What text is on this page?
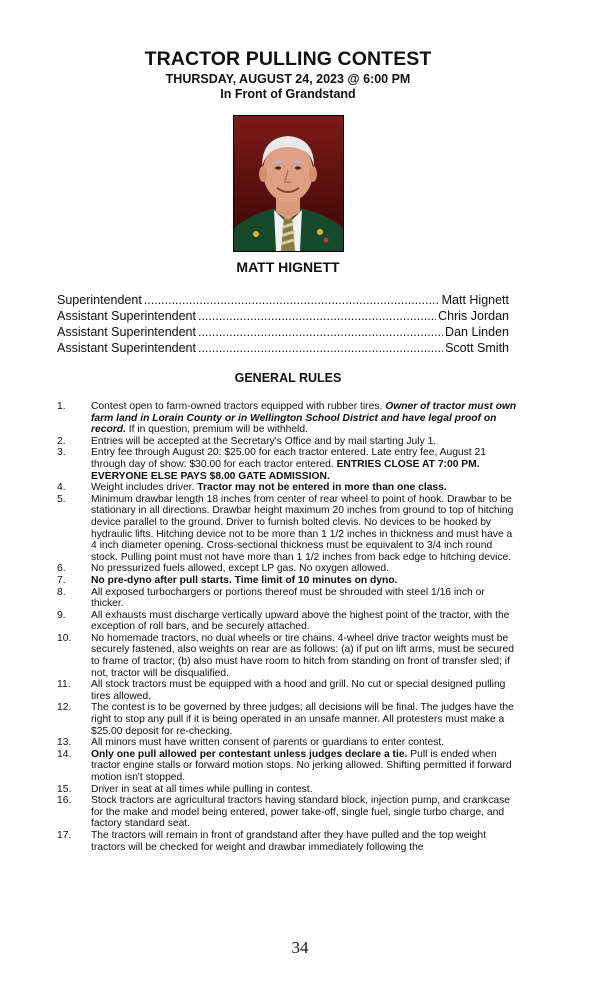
TRACTOR PULLING CONTEST
THURSDAY, AUGUST 24, 2023 @ 6:00 PM
In Front of Grandstand
MATT HIGNETT
Superintendent .....	Matt Hignett
Assistant Superintendent .....	Chris Jordan
Assistant Superintendent .....	Dan Linden
Assistant Superintendent .....	Scott Smith
GENERAL RULES
1.	Contest open to farm-owned tractors equipped with rubber tires. Owner of tractor must own farm land in Lorain County or in Wellington School District and have legal proof on record. If in question, premium will be withheld.
2.	Entries will be accepted at the Secretary's Office and by mail starting July 1.
3.	Entry fee through August 20: $25.00 for each tractor entered. Late entry fee, August 21 through day of show: $30.00 for each tractor entered. ENTRIES CLOSE AT 7:00 PM. EVERYONE ELSE PAYS $8.00 GATE ADMISSION.
4.	Weight includes driver. Tractor may not be entered in more than one class.
5.	Minimum drawbar length 18 inches from center of rear wheel to point of hook. Drawbar to be stationary in all directions. Drawbar height maximum 20 inches from ground to top of hitching device parallel to the ground. Driver to furnish bolted clevis. No devices to be hooked by hydraulic lifts. Hitching device not to be more than 1 1/2 inches in thickness and must have a 4 inch diameter opening. Cross-sectional thickness must be equivalent to 3/4 inch round stock. Pulling point must not have more than 1 1/2 inches from back edge to hitching device.
6.	No pressurized fuels allowed, except LP gas. No oxygen allowed.
7.	No pre-dyno after pull starts. Time limit of 10 minutes on dyno.
8.	All exposed turbochargers or portions thereof must be shrouded with steel 1/16 inch or thicker.
9.	All exhausts must discharge vertically upward above the highest point of the tractor, with the exception of roll bars, and be securely attached.
10.	No homemade tractors, no dual wheels or tire chains. 4-wheel drive tractor weights must be securely fastened, also weights on rear are as follows: (a) if put on lift arms, must be secured to frame of tractor; (b) also must have room to hitch from standing on front of transfer sled; if not, tractor will be disqualified.
11.	All stock tractors must be equipped with a hood and grill. No cut or special designed pulling tires allowed.
12.	The contest is to be governed by three judges; all decisions will be final. The judges have the right to stop any pull if it is being operated in an unsafe manner. All protesters must make a $25.00 deposit for re-checking.
13.	All minors must have written consent of parents or guardians to enter contest.
14.	Only one pull allowed per contestant unless judges declare a tie. Pull is ended when tractor engine stalls or forward motion stops. No jerking allowed. Shifting permitted if forward motion isn't stopped.
15.	Driver in seat at all times while pulling in contest.
16.	Stock tractors are agricultural tractors having standard block, injection pump, and crankcase for the make and model being entered, power take-off, single fuel, single turbo charge, and factory standard seat.
17.	The tractors will remain in front of grandstand after they have pulled and the top weight tractors will be checked for weight and drawbar immediately following the
34
